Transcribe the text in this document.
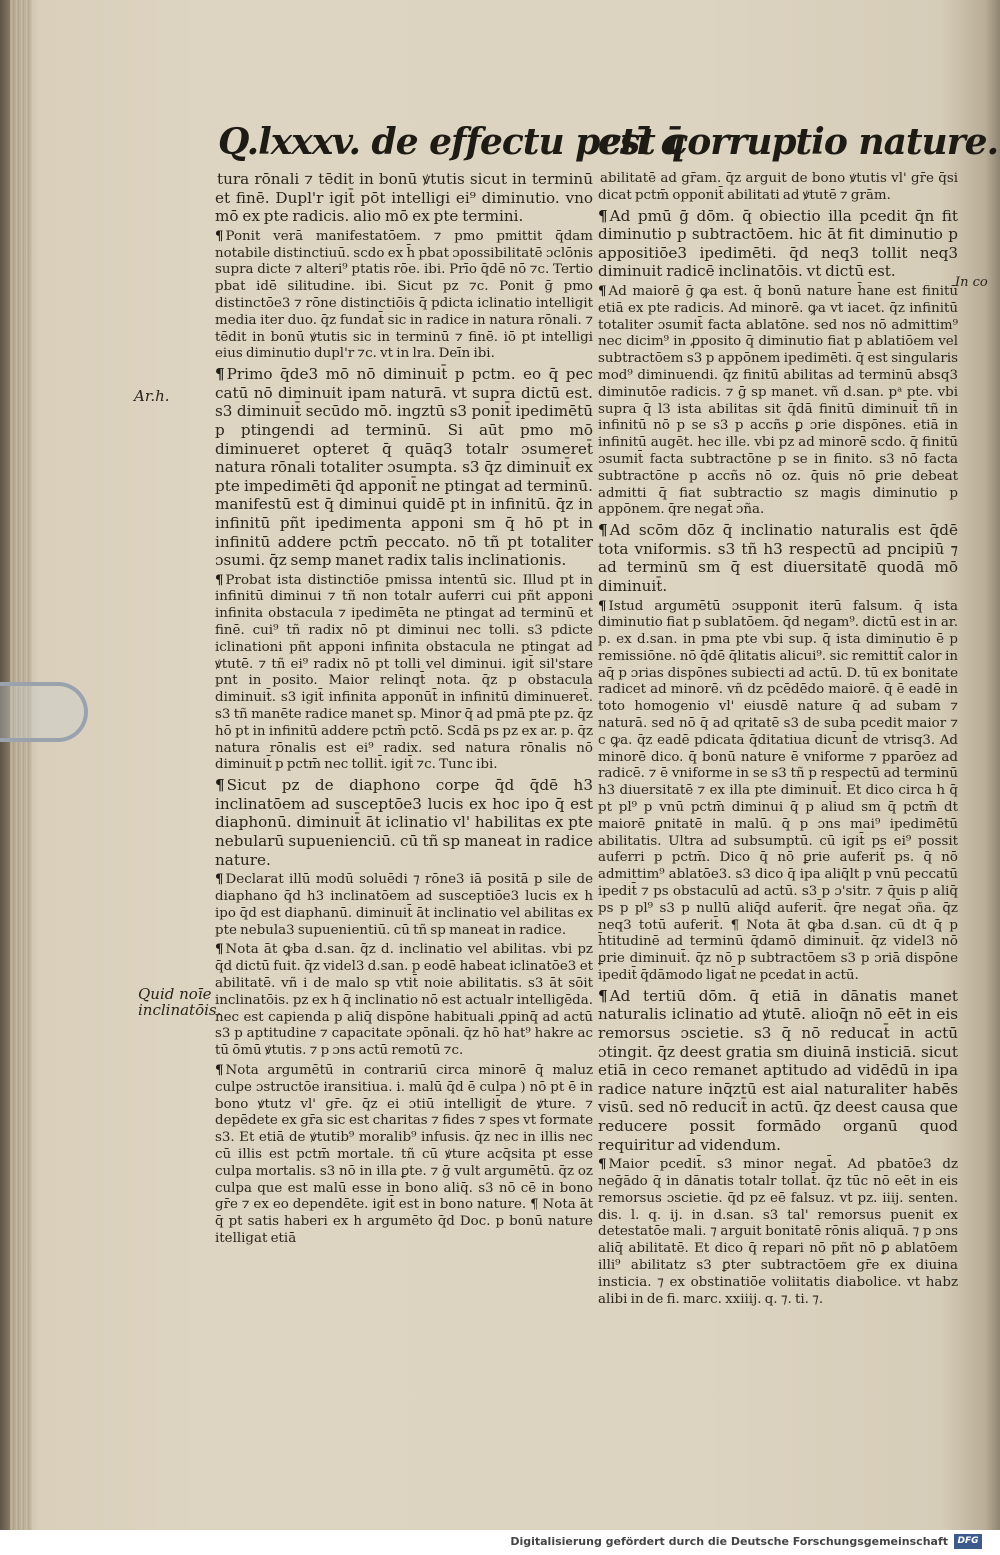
Q.lxxxv. de effectu pctī q̄
est corruptio nature.
Ar.h.
Quid noīe inclinatōis.
In co

tura rōnali ⁊ tēdit in bonū ꝟtutis sicut in terminū et finē. Dupl'r igit̄ pōt intelligi ei⁹ diminutio. vno mō ex pte radicis. alio mō ex pte termini.

¶ Ponit verā manifestatōem. ⁊ pmo pmittit q̄dam notabile distinctiuū. scdo ex h̄ pbat ɔpossibilitatē ɔclōnis supra dicte ⁊ alteri⁹ ptatis rōe. ibi. Prīo q̄dē nō ⁊c. Tertio pbat idē silitudine. ibi. Sicut pz ⁊c. Ponit ḡ pmo distinctōe3 ⁊ rōne distinctiōis q̄ pdicta iclinatio intelligit media iter duo. q̄z fundat̄ sic in radice in natura rōnali. ⁊ tēdit in bonū ꝟtutis sic in terminū ⁊ finē. iō pt intelligi eius diminutio dupl'r ⁊c. vt in lra. Deīn ibi.

¶ Primo q̄de3 mō nō diminuit̄ p pctm. eo q̄ pec catū nō diminuit ipam naturā. vt supra dictū est. s3 diminuit̄ secūdo mō. ingztū s3 ponit̄ ipedimētū p ptingendi ad terminū. Si aūt pmo mō diminueret opteret q̄ quāq3 totalr ɔsumeret̄ natura rōnali totaliter ɔsumpta. s3 q̄z diminuit̄ ex pte impedimēti q̄d apponit̄ ne ptingat ad terminū. manifestū est q̄ diminui quidē pt in infinitū. q̄z in infinitū pñt ipedimenta apponi sm q̄ hō pt in infinitū addere pctm̄ peccato. nō tñ pt totaliter ɔsumi. q̄z semp manet radix talis inclinationis.

¶ Probat ista distinctiōe pmissa intentū sic. Illud pt in infinitū diminui ⁊ tñ non totalr auferri cui pñt apponi infinita obstacula ⁊ ipedimēta ne ptingat ad terminū et finē. cui⁹ tñ radix nō pt diminui nec tolli. s3 pdicte iclinationi pñt apponi infinita obstacula ne ptingat ad ꝟtutē. ⁊ tñ ei⁹ radix nō pt tolli vel diminui. igit̄ sil'stare pnt in posito. Maior relinqt̄ nota. q̄z p obstacula diminuit̄. s3 igit̄ infinita apponūt̄ in infinitū diminueret̄. s3 tñ manēte radice manet sp. Minor q̄ ad pmā pte pz. q̄z hō pt in infinitū addere pctm̄ pctō. Scdā ps pz ex ar. p. q̄z natura rōnalis est ei⁹ radix. sed natura rōnalis nō diminuit̄ p pctm̄ nec tollit̄. igit̄ ⁊c. Tunc ibi.

¶ Sicut pz de diaphono corpe q̄d q̄dē h3 inclinatōem ad susceptōe3 lucis ex hoc ipo q̄ est diaphonū. diminuit̄ āt iclinatio vl' habilitas ex pte nebularū supuenienciū. cū tñ sp maneat in radice nature.

¶ Declarat illū modū soluēdi ⁊ rōne3 iā positā p sile de diaphano q̄d h3 inclinatōem ad susceptiōe3 lucis ex h ipo q̄d est diaphanū. diminuit̄ āt inclinatio vel abilitas ex pte nebula3 supuenientiū. cū tñ sp maneat in radice.

¶ Nota āt ꝙba d.san. q̄z d. inclinatio vel abilitas. vbi pz q̄d dictū fuit. q̄z videl3 d.san. p eodē habeat iclinatōe3 et abilitatē. vñ i de malo sp vtit̄ noie abilitatis. s3 āt sōit inclinatōis. pz ex h q̄ inclinatio nō est actualr intelligēda. nec est capienda p aliq̄ dispōne habituali ꝓpinq̄ ad actū s3 p aptitudine ⁊ capacitate ɔpōnali. q̄z hō hat⁹ hakre ac tū ōmū ꝟtutis. ⁊ p ɔns actū remotū ⁊c.

¶ Nota argumētū in contrariū circa minorē q̄ maluz culpe ɔstructōe iransitiua. i. malū q̄d ē culpa ) nō pt ē in bono ꝟtutz vl' gr̄e. q̄z ei ɔtiū intelligit̄ de ꝟture. ⁊ depēdete ex gr̄a sic est charitas ⁊ fides ⁊ spes vt formate s3. Et etiā de ꝟtutib⁹ moralib⁹ infusis. q̄z nec in illis nec cū illis est pctm̄ mortale. tñ cū ꝟture acq̄sita pt esse culpa mortalis. s3 nō in illa ꝑte. ⁊ ḡ vult argumētū. q̄z oz culpa que est malū esse in bono aliq̄. s3 nō cē in bono gr̄e ⁊ ex eo dependēte. igit̄ est in bono nature. ¶ Nota āt q̄ pt satis haberi ex h argumēto q̄d Doc. p bonū nature itelligat etiā

abilitatē ad gr̄am. q̄z arguit de bono ꝟtutis vl' gr̄e q̄si dicat pctm̄ opponit̄ abilitati ad ꝟtutē ⁊ grām.

¶ Ad pmū ḡ dōm. q̄ obiectio illa pcedit q̄n fit diminutio p subtractōem. hic āt fit diminutio p appositiōe3 ipedimēti. q̄d neq3 tollit neq3 diminuit radicē inclinatōis. vt dictū est.

¶ Ad maiorē ḡ ꝙa est. q̄ bonū nature h̄ane est finitū etiā ex pte radicis. Ad minorē. ꝙa vt iacet. q̄z infinitū totaliter ɔsumit̄ facta ablatōne. sed nos nō admittim⁹ nec dicim⁹ in ꝓposito q̄ diminutio fiat p ablatiōem vel subtractōem s3 p appōnem ipedimēti. q̄ est singularis mod⁹ diminuendi. q̄z finitū abilitas ad terminū absq3 diminutōe radicis. ⁊ ḡ sp manet. vñ d.san. pᵃ pte. vbi supra q̄ l3 ista abilitas sit q̄dā finitū diminuit̄ tñ in infinitū nō p se s3 p accñs ꝑ ɔrie dispōnes. etiā in infinitū augēt. hec ille. vbi pz ad minorē scdo. q̄ finitū ɔsumit̄ facta subtractōne p se in finito. s3 nō facta subtractōne p accñs nō oz. q̄uis nō ꝑrie debeat admitti q̄ fiat subtractio sz magis diminutio p appōnem. q̄re negat̄ ɔña.

¶ Ad scōm dōz q̄ inclinatio naturalis est q̄dē tota vniformis. s3 tñ h3 respectū ad pncipiū ⁊ ad terminū sm q̄ est diuersitatē quodā mō diminuit̄.

¶ Istud argumētū ɔsupponit iterū falsum. q̄ ista diminutio fiat p sublatōem. q̄d negam⁹. dictū est in ar. p. ex d.san. in pma pte vbi sup. q̄ ista diminutio ē p remissiōne. nō q̄dē q̄litatis alicui⁹. sic remittit̄ calor in aq̄ p ɔrias dispōnes subiecti ad actū. D. tū ex bonitate radicet ad minorē. vñ dz pcēdēdo maiorē. q̄ ē eadē in toto homogenio vl' eiusdē nature q̄ ad subam ⁊ naturā. sed nō q̄ ad ɋritatē s3 de suba pcedit maior ⁊ c ꝙa. q̄z eadē pdicata q̄ditatiua dicunt̄ de vtrisq3. Ad minorē dico. q̄ bonū nature ē vniforme ⁊ pparōez ad radicē. ⁊ ē vniforme in se s3 tñ p respectū ad terminū h3 diuersitatē ⁊ ex illa pte diminuit̄. Et dico circa h q̄ pt pl⁹ p vnū pctm̄ diminui q̄ p aliud sm q̄ pctm̄ dt maiorē ꝑnitatē in malū. q̄ p ɔns mai⁹ ipedimētū abilitatis. Ultra ad subsumptū. cū igit̄ ps ei⁹ possit auferri p pctm̄. Dico q̄ nō ꝑrie auferit̄ ps. q̄ nō admittim⁹ ablatōe3. s3 dico q̄ ipa aliq̄lt p vnū peccatū ipedit̄ ⁊ ps obstaculū ad actū. s3 p ɔ'sitr. ⁊ q̄uis p aliq̄ ps p pl⁹ s3 p nullū aliq̄d auferit̄. q̄re negat̄ ɔña. q̄z neq3 totū auferit̄. ¶ Nota āt ꝙba d.san. cū dt q̄ p h̄titudinē ad terminū q̄damō diminuit̄. q̄z videl3 nō ꝑrie diminuit̄. q̄z nō p subtractōem s3 p ɔriā dispōne ipedit̄ q̄dāmodo ligat̄ ne pcedat in actū.

¶ Ad tertiū dōm. q̄ etiā in dānatis manet naturalis iclinatio ad ꝟtutē. alioq̄n nō eēt in eis remorsus ɔscietie. s3 q̄ nō reducat̄ in actū ɔtingit. q̄z deest gratia sm diuinā insticiā. sicut etiā in ceco remanet aptitudo ad vidēdū in ipa radice nature inq̄ztū est aial naturaliter habēs visū. sed nō reducit̄ in actū. q̄z deest causa que reducere possit formādo organū quod requiritur ad videndum.

¶ Maior pcedit̄. s3 minor negat̄. Ad pbatōe3 dz neḡādo q̄ in dānatis totalr tollat̄. q̄z tūc nō eēt in eis remorsus ɔscietie. q̄d pz eē falsuz. vt pz. iiij. senten. dis. l. q. ij. in d.san. s3 tal' remorsus puenit ex detestatōe mali. ⁊ arguit bonitatē rōnis aliquā. ⁊ p ɔns aliq̄ abilitatē. Et dico q̄ repari nō pñt nō ꝑ ablatōem illi⁹ abilitatz s3 ꝑter subtractōem gr̄e ex diuina insticia. ⁊ ex obstinatiōe voliitatis diabolice. vt habz alibi in de fi. marc. xxiiij. q. ⁊. ti. ⁊.

Digitalisierung gefördert durch die Deutsche Forschungsgemeinschaft	DFG
